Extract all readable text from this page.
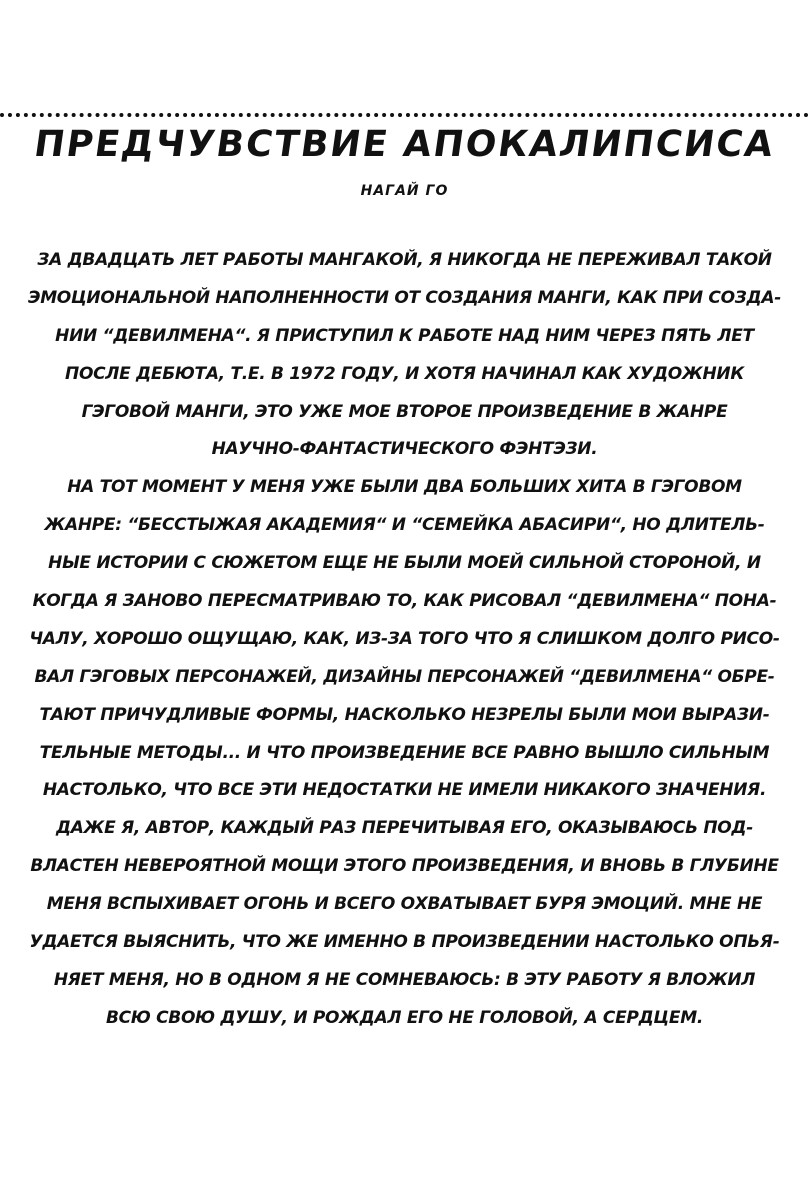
ПРЕДЧУВСТВИЕ АПОКАЛИПСИСА
НАГАЙ ГО
ЗА ДВАДЦАТЬ ЛЕТ РАБОТЫ МАНГАКОЙ, Я НИКОГДА НЕ ПЕРЕЖИВАЛ ТАКОЙ
ЭМОЦИОНАЛЬНОЙ НАПОЛНЕННОСТИ ОТ СОЗДАНИЯ МАНГИ, КАК ПРИ СОЗДА-
НИИ “ДЕВИЛМЕНА“. Я ПРИСТУПИЛ К РАБОТЕ НАД НИМ ЧЕРЕЗ ПЯТЬ ЛЕТ
ПОСЛЕ ДЕБЮТА, Т.Е. В 1972 ГОДУ, И ХОТЯ НАЧИНАЛ КАК ХУДОЖНИК
ГЭГОВОЙ МАНГИ, ЭТО УЖЕ МОЕ ВТОРОЕ ПРОИЗВЕДЕНИЕ В ЖАНРЕ
НАУЧНО-ФАНТАСТИЧЕСКОГО ФЭНТЭЗИ.
НА ТОТ МОМЕНТ У МЕНЯ УЖЕ БЫЛИ ДВА БОЛЬШИХ ХИТА В ГЭГОВОМ
ЖАНРЕ: “БЕССТЫЖАЯ АКАДЕМИЯ“ И “СЕМЕЙКА АБАСИРИ“, НО ДЛИТЕЛЬ-
НЫЕ ИСТОРИИ С СЮЖЕТОМ ЕЩЕ НЕ БЫЛИ МОЕЙ СИЛЬНОЙ СТОРОНОЙ, И
КОГДА Я ЗАНОВО ПЕРЕСМАТРИВАЮ ТО, КАК РИСОВАЛ “ДЕВИЛМЕНА“ ПОНА-
ЧАЛУ, ХОРОШО ОЩУЩАЮ, КАК, ИЗ-ЗА ТОГО ЧТО Я СЛИШКОМ ДОЛГО РИСО-
ВАЛ ГЭГОВЫХ ПЕРСОНАЖЕЙ, ДИЗАЙНЫ ПЕРСОНАЖЕЙ “ДЕВИЛМЕНА“ ОБРЕ-
ТАЮТ ПРИЧУДЛИВЫЕ ФОРМЫ, НАСКОЛЬКО НЕЗРЕЛЫ БЫЛИ МОИ ВЫРАЗИ-
ТЕЛЬНЫЕ МЕТОДЫ... И ЧТО ПРОИЗВЕДЕНИЕ ВСЕ РАВНО ВЫШЛО СИЛЬНЫМ
НАСТОЛЬКО, ЧТО ВСЕ ЭТИ НЕДОСТАТКИ НЕ ИМЕЛИ НИКАКОГО ЗНАЧЕНИЯ.
ДАЖЕ Я, АВТОР, КАЖДЫЙ РАЗ ПЕРЕЧИТЫВАЯ ЕГО, ОКАЗЫВАЮСЬ ПОД-
ВЛАСТЕН НЕВЕРОЯТНОЙ МОЩИ ЭТОГО ПРОИЗВЕДЕНИЯ, И ВНОВЬ В ГЛУБИНЕ
МЕНЯ ВСПЫХИВАЕТ ОГОНЬ И ВСЕГО ОХВАТЫВАЕТ БУРЯ ЭМОЦИЙ. МНЕ НЕ
УДАЕТСЯ ВЫЯСНИТЬ, ЧТО ЖЕ ИМЕННО В ПРОИЗВЕДЕНИИ НАСТОЛЬКО ОПЬЯ-
НЯЕТ МЕНЯ, НО В ОДНОМ Я НЕ СОМНЕВАЮСЬ: В ЭТУ РАБОТУ Я ВЛОЖИЛ
ВСЮ СВОЮ ДУШУ, И РОЖДАЛ ЕГО НЕ ГОЛОВОЙ, А СЕРДЦЕМ.
